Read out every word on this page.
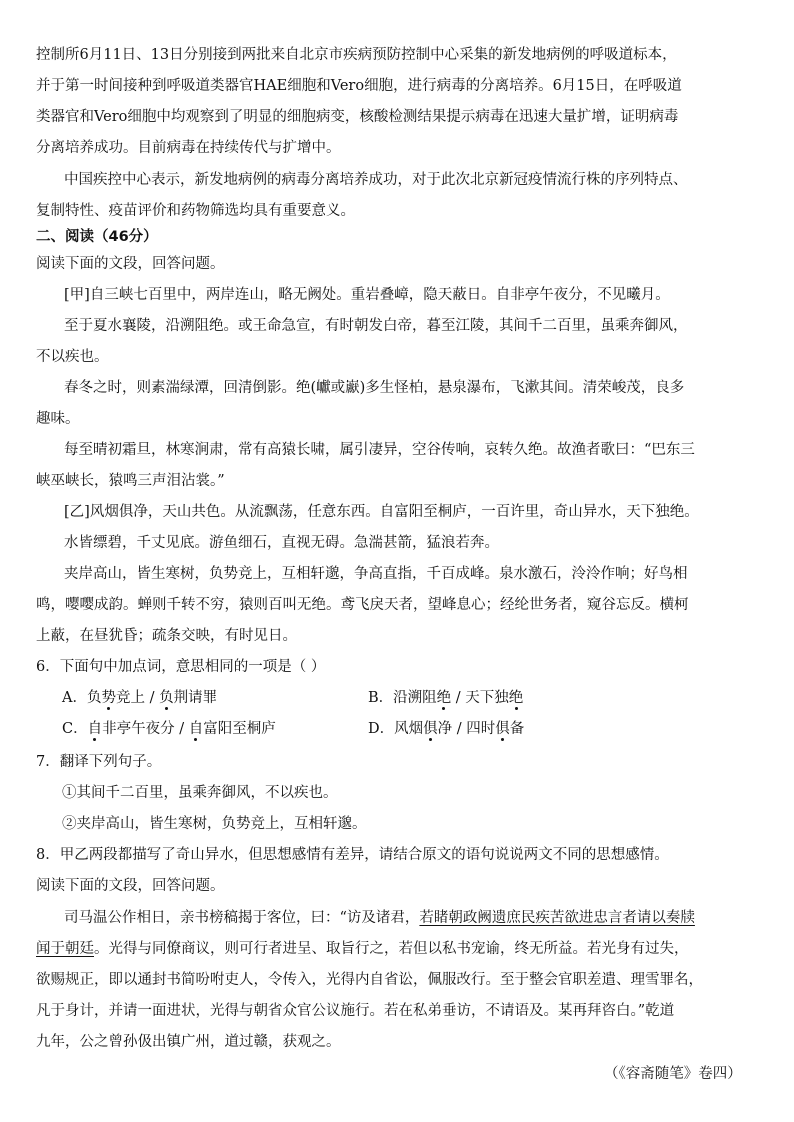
控制所6月11日、13日分别接到两批来自北京市疾病预防控制中心采集的新发地病例的呼吸道标本，
并于第一时间接种到呼吸道类器官HAE细胞和Vero细胞，进行病毒的分离培养。6月15日，在呼吸道
类器官和Vero细胞中均观察到了明显的细胞病变，核酸检测结果提示病毒在迅速大量扩增，证明病毒
分离培养成功。目前病毒在持续传代与扩增中。
中国疾控中心表示，新发地病例的病毒分离培养成功，对于此次北京新冠疫情流行株的序列特点、
复制特性、疫苗评价和药物筛选均具有重要意义。
二、阅读（46分）
阅读下面的文段，回答问题。
[甲]自三峡七百里中，两岸连山，略无阙处。重岩叠嶂，隐天蔽日。自非亭午夜分，不见曦月。
至于夏水襄陵，沿溯阻绝。或王命急宣，有时朝发白帝，暮至江陵，其间千二百里，虽乘奔御风，
不以疾也。
春冬之时，则素湍绿潭，回清倒影。绝(巘或巚)多生怪柏，悬泉瀑布，飞漱其间。清荣峻茂，良多
趣味。
每至晴初霜旦，林寒涧肃，常有高猿长啸，属引凄异，空谷传响，哀转久绝。故渔者歌曰：“巴东三
峡巫峡长，猿鸣三声泪沾裳。”
[乙]风烟俱净，天山共色。从流飘荡，任意东西。自富阳至桐庐，一百许里，奇山异水，天下独绝。
水皆缥碧，千丈见底。游鱼细石，直视无碍。急湍甚箭，猛浪若奔。
夹岸高山，皆生寒树，负势竞上，互相轩邈，争高直指，千百成峰。泉水激石，泠泠作响；好鸟相
鸣，嘤嘤成韵。蝉则千转不穷，猿则百叫无绝。鸢飞戾天者，望峰息心；经纶世务者，窥谷忘反。横柯
上蔽，在昼犹昏；疏条交映，有时见日。
6．下面句中加点词，意思相同的一项是（ ）
A．负势竞上 / 负荆请罪	B．沿溯阻绝 / 天下独绝
C．自非亭午夜分 / 自富阳至桐庐	D．风烟俱净 / 四时俱备
7．翻译下列句子。
①其间千二百里，虽乘奔御风，不以疾也。
②夹岸高山，皆生寒树，负势竞上，互相轩邈。
8．甲乙两段都描写了奇山异水，但思想感情有差异，请结合原文的语句说说两文不同的思想感情。
阅读下面的文段，回答问题。
司马温公作相日，亲书榜稿揭于客位，曰：“访及诸君，若睹朝政阙遗庶民疾苦欲进忠言者请以奏牍
闻于朝廷。光得与同僚商议，则可行者进呈、取旨行之，若但以私书宠谕，终无所益。若光身有过失，
欲赐规正，即以通封书简吩咐吏人，令传入，光得内自省讼，佩服改行。至于整会官职差遣、理雪罪名，
凡于身计，并请一面进状，光得与朝省众官公议施行。若在私弟垂访，不请语及。某再拜咨白。”乾道
九年，公之曾孙伋出镇广州，道过赣，获观之。
（《容斋随笔》卷四）
